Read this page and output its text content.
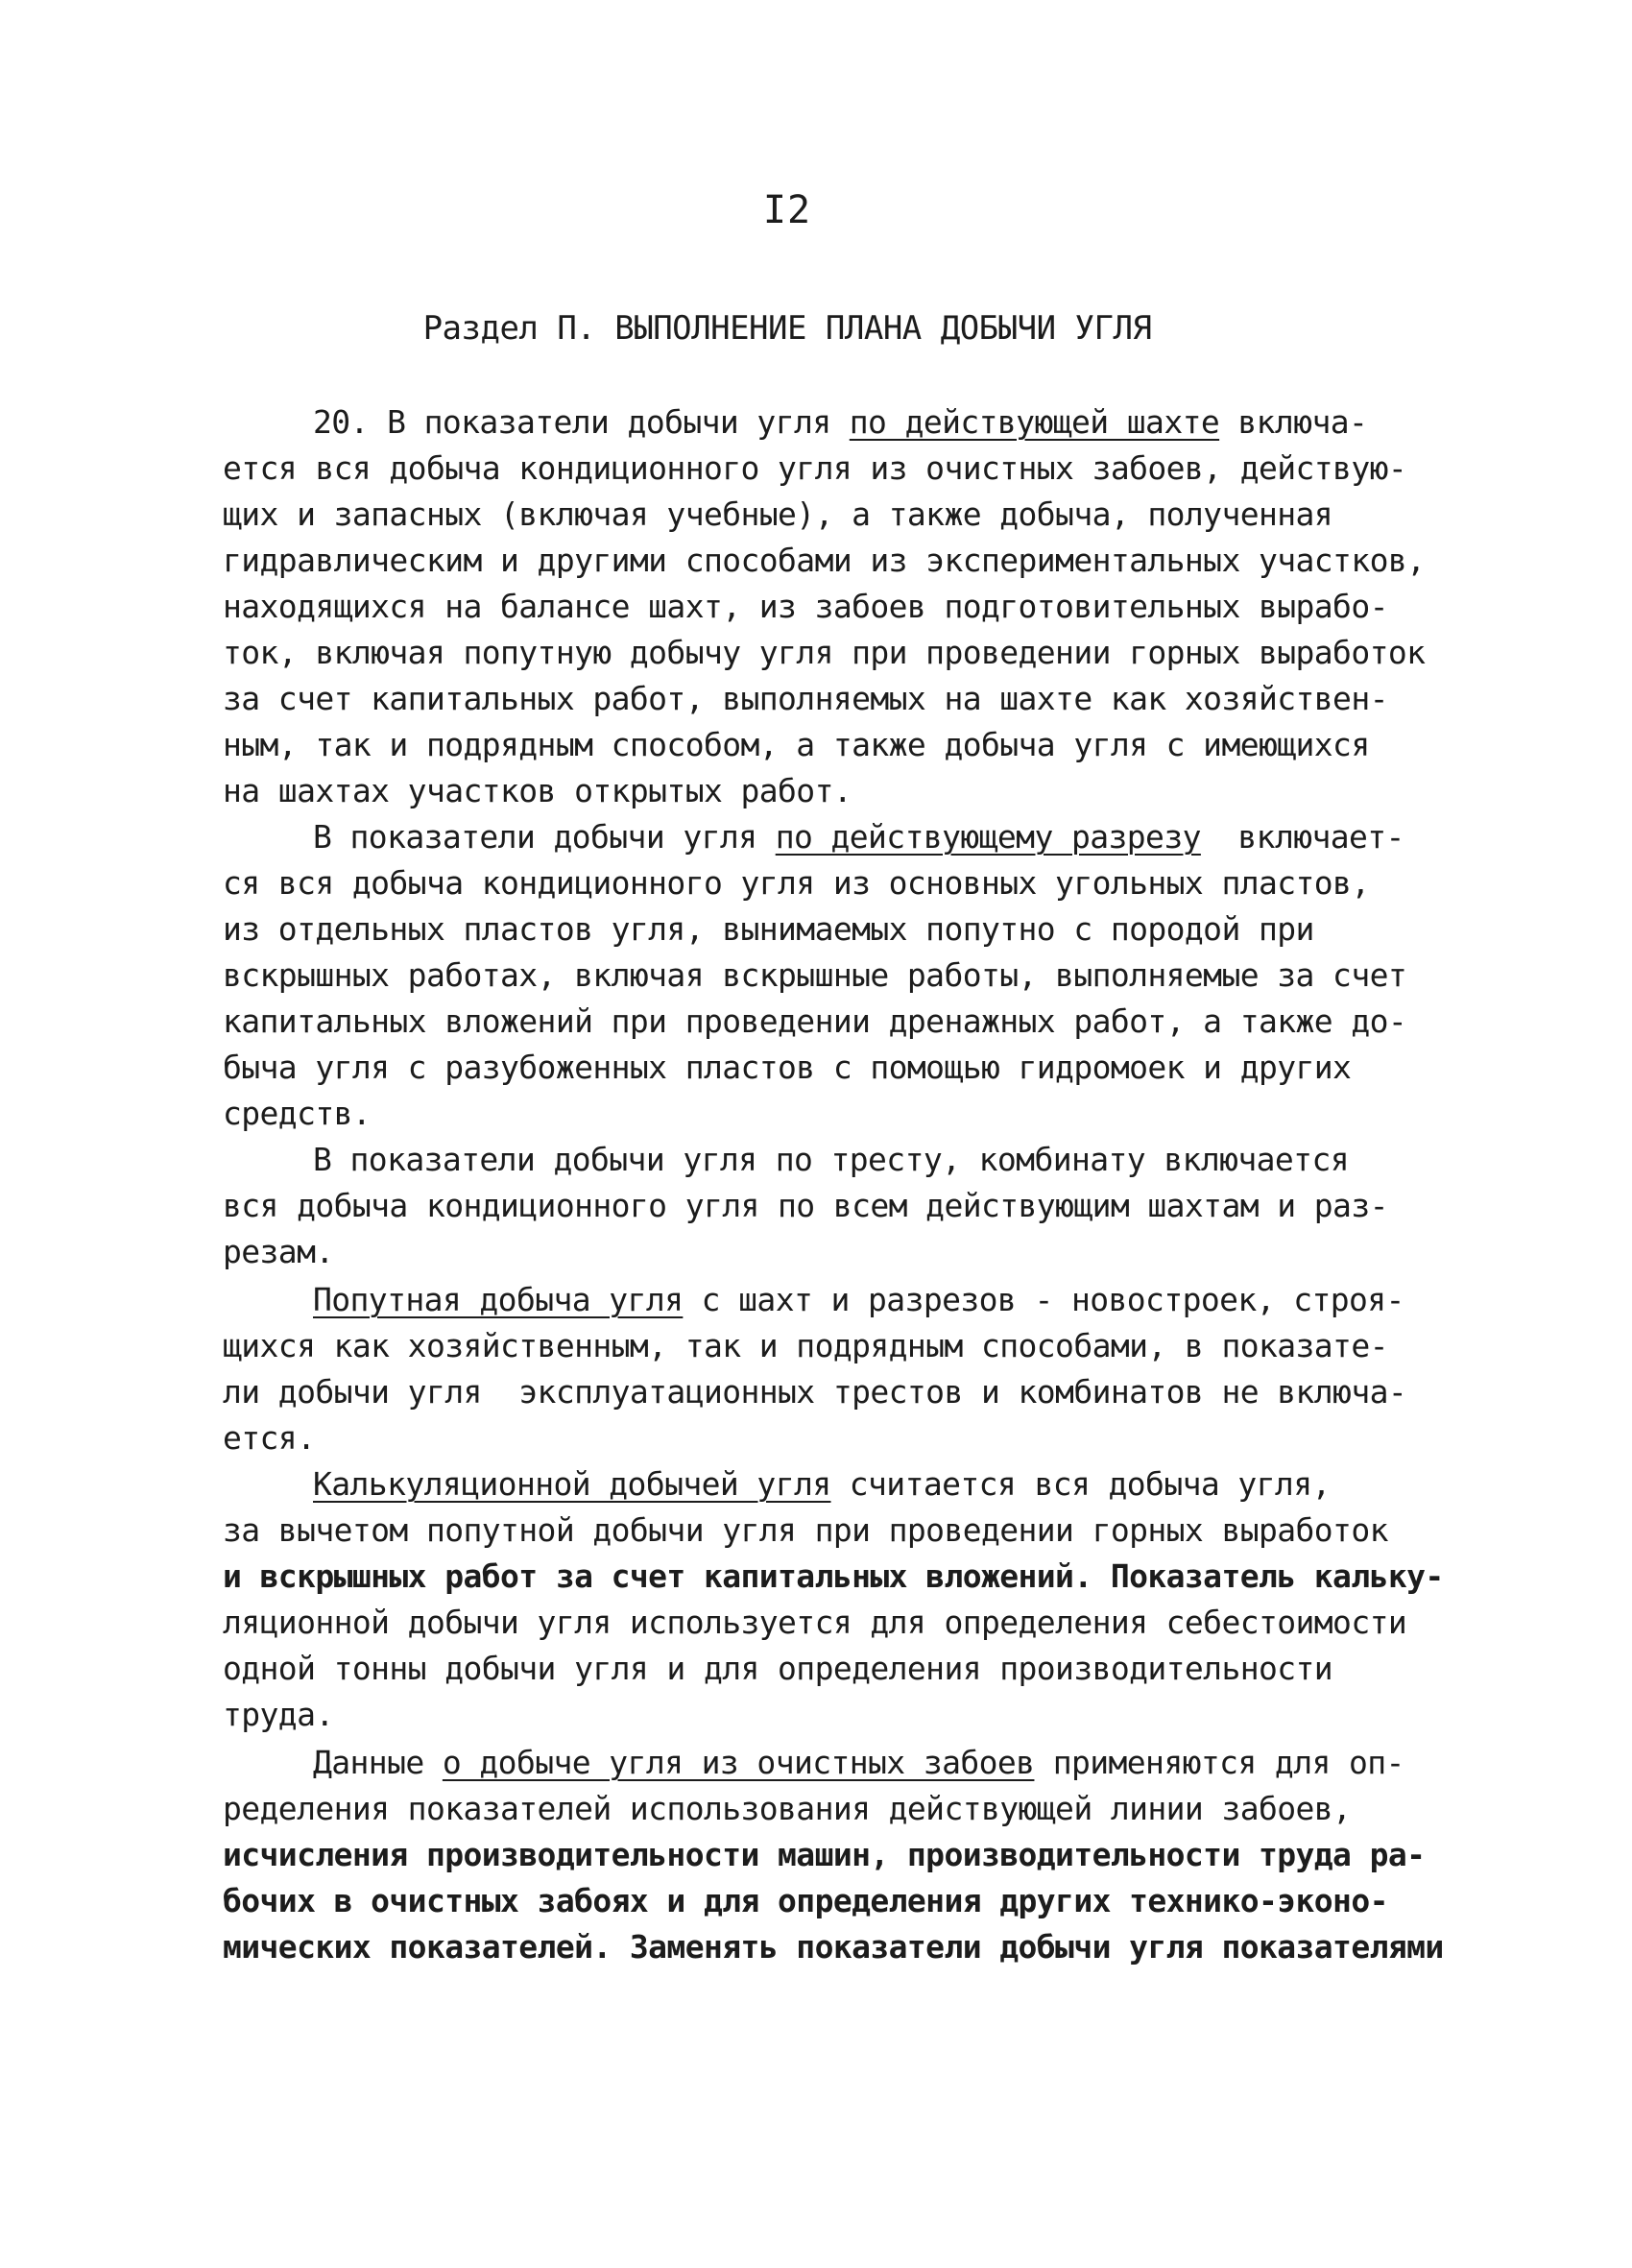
I2
Раздел П. ВЫПОЛНЕНИЕ ПЛАНА ДОБЫЧИ УГЛЯ
20. В показатели добычи угля по действующей шахте включа-
ется вся добыча кондиционного угля из очистных забоев, действую-
щих и запасных (включая учебные), а также добыча, полученная
гидравлическим и другими способами из экспериментальных участков,
находящихся на балансе шахт, из забоев подготовительных вырабо-
ток, включая попутную добычу угля при проведении горных выработок
за счет капитальных работ, выполняемых на шахте как хозяйствен-
ным, так и подрядным способом, а также добыча угля с имеющихся
на шахтах участков открытых работ.
В показатели добычи угля по действующему разрезу  включает-
ся вся добыча кондиционного угля из основных угольных пластов,
из отдельных пластов угля, вынимаемых попутно с породой при
вскрышных работах, включая вскрышные работы, выполняемые за счет
капитальных вложений при проведении дренажных работ, а также до-
быча угля с разубоженных пластов с помощью гидромоек и других
средств.
В показатели добычи угля по тресту, комбинату включается
вся добыча кондиционного угля по всем действующим шахтам и раз-
резам.
Попутная добыча угля с шахт и разрезов - новостроек, строя-
щихся как хозяйственным, так и подрядным способами, в показате-
ли добычи угля  эксплуатационных трестов и комбинатов не включа-
ется.
Калькуляционной добычей угля считается вся добыча угля,
за вычетом попутной добычи угля при проведении горных выработок
и вскрышных работ за счет капитальных вложений. Показатель кальку-
ляционной добычи угля используется для определения себестоимости
одной тонны добычи угля и для определения производительности
труда.
Данные о добыче угля из очистных забоев применяются для оп-
ределения показателей использования действующей линии забоев,
исчисления производительности машин, производительности труда ра-
бочих в очистных забоях и для определения других технико-эконо-
мических показателей. Заменять показатели добычи угля показателями
